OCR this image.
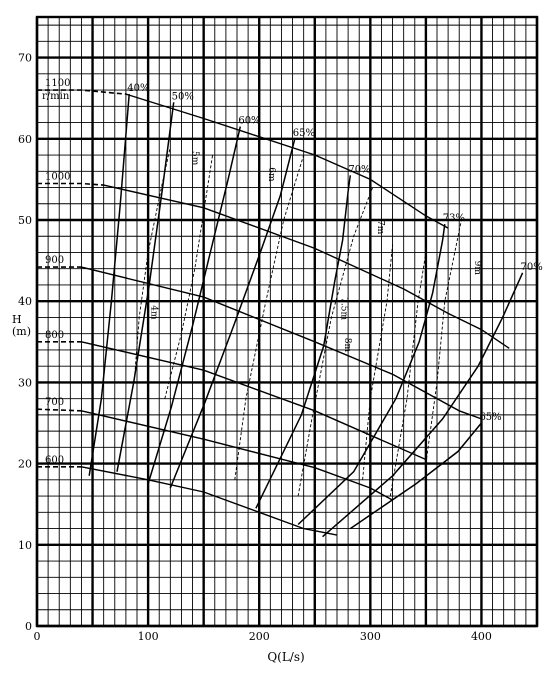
1100
1000
900
800
700
600
r/min
40%
50%
60%
65%
70%
73%
70%
65%
4m
5m
6m
7m
7.5m
8m
9m
0	100	200	300	400
0
10
20
30
40
50
60
70
Q(L/s)
H (m)
